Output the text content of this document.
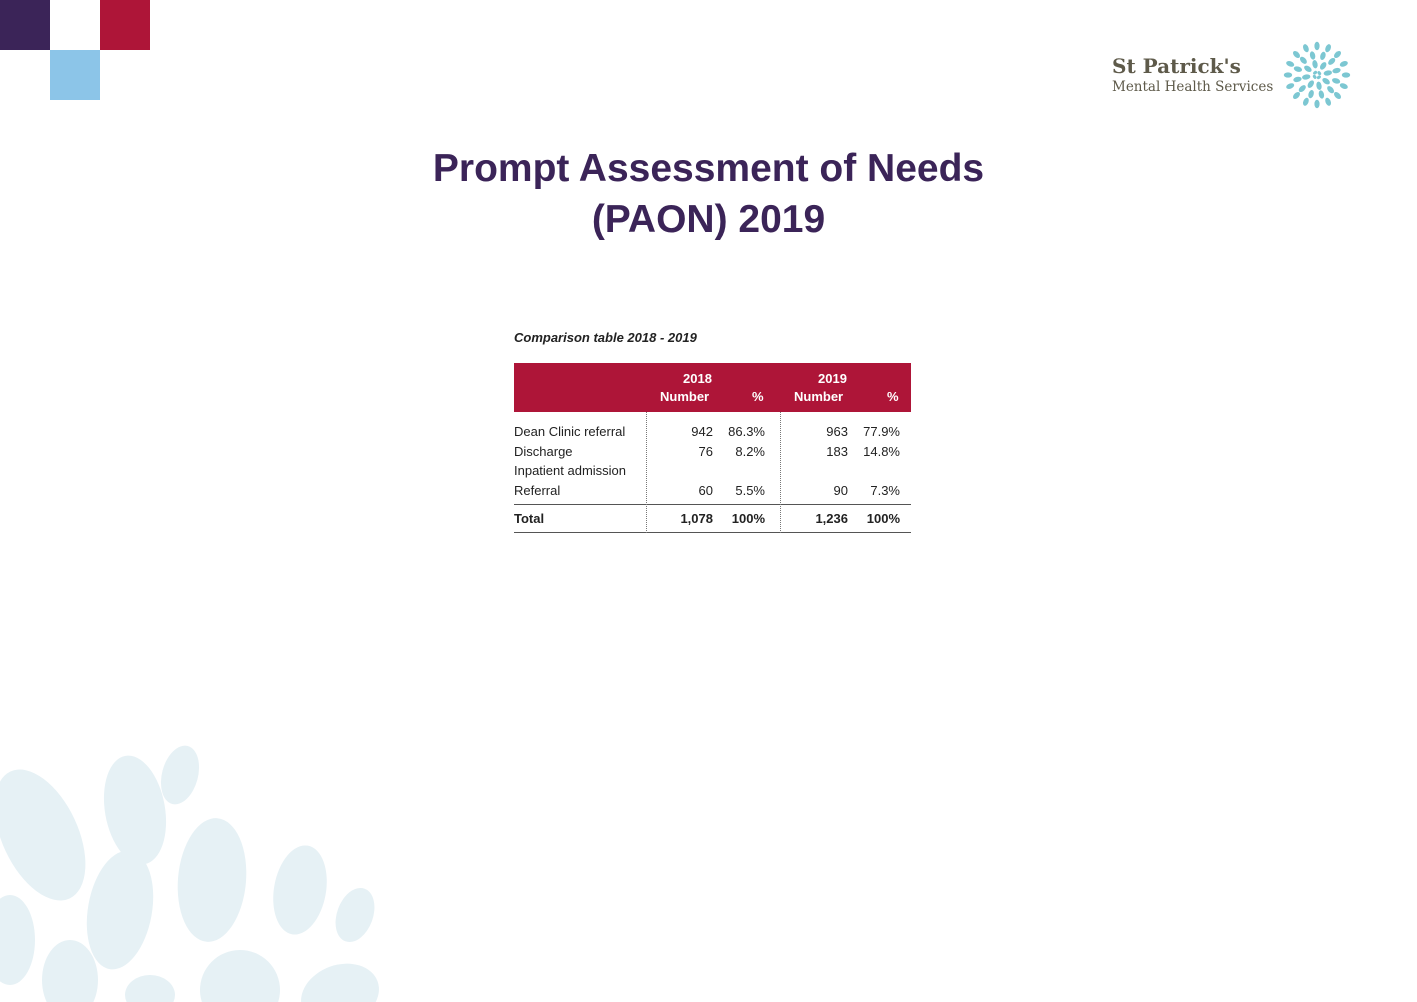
St Patrick's
Mental Health Services
Prompt Assessment of Needs
(PAON) 2019
Comparison table 2018 - 2019
2018
Number	%
2019
Number	%
Dean Clinic referral	942 86.3%	963 77.9%
Discharge	76 8.2%	183 14.8%
Inpatient admission
Referral	60 5.5%	90 7.3%
Total	1,078 100%	1,236 100%
